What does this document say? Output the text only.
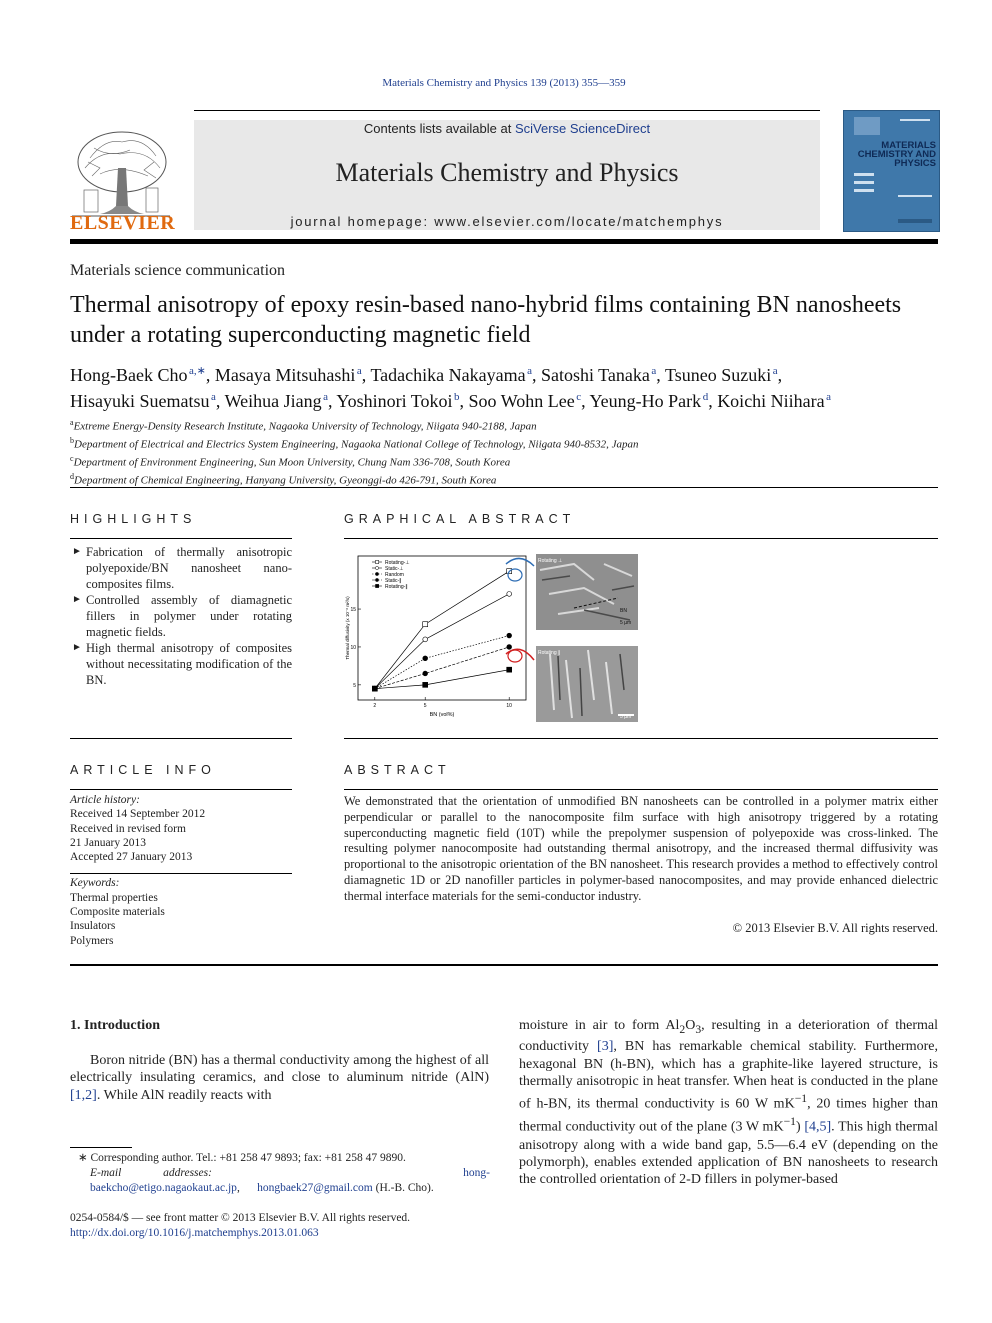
Materials Chemistry and Physics 139 (2013) 355—359
ELSEVIER
Contents lists available at SciVerse ScienceDirect
Materials Chemistry and Physics
journal homepage: www.elsevier.com/locate/matchemphys
MATERIALS CHEMISTRY AND PHYSICS
Materials science communication
Thermal anisotropy of epoxy resin-based nano-hybrid films containing BN nanosheets under a rotating superconducting magnetic field
Hong-Baek Cho  $^{a,∗}$, Masaya Mitsuhashi  $^a$, Tadachika Nakayama  $^a$, Satoshi Tanaka  $^a$, Tsuneo Suzuki  $^a$,
Hisayuki Suematsu  $^a$, Weihua Jiang  $^a$, Yoshinori Tokoi  $^b$, Soo Wohn Lee  $^c$, Yeung-Ho Park  $^d$, Koichi Niihara  $^a$
$^a$Extreme Energy-Density Research Institute, Nagaoka University of Technology, Niigata 940-2188, Japan
$^b$Department of Electrical and Electrics System Engineering, Nagaoka National College of Technology, Niigata 940-8532, Japan
$^c$Department of Environment Engineering, Sun Moon University, Chung Nam 336-708, South Korea
$^d$Department of Chemical Engineering, Hanyang University, Gyeonggi-do 426-791, South Korea
HIGHLIGHTS
► Fabrication of thermally anisotropic polyepoxide/BN nanosheet nano-composites films.
► Controlled assembly of diamagnetic fillers in polymer under rotating magnetic fields.
► High thermal anisotropy of composites without necessitating modification of the BN.
GRAPHICAL ABSTRACT
2	5	10
5
10
15
BN (vol%)
Thermal diffusivity (x 10⁻⁸ m²/s)
Rotating-⊥
Static-⊥
Random
Static-∥
Rotating-∥
Rotating ⊥
Rotating ∥
BN
5 µm
5 µm
ARTICLE INFO
Article history:
Received 14 September 2012
Received in revised form
21 January 2013
Accepted 27 January 2013
Keywords:
Thermal properties
Composite materials
Insulators
Polymers
ABSTRACT
We demonstrated that the orientation of unmodified BN nanosheets can be controlled in a polymer matrix either perpendicular or parallel to the nanocomposite film surface with high anisotropy triggered by a rotating superconducting magnetic field (10T) while the prepolymer suspension of polyepoxide was cross-linked. The resulting polymer nanocomposite had outstanding thermal anisotropy, and the increased thermal diffusivity was proportional to the anisotropic orientation of the BN nanosheet. This research provides a method to effectively control diamagnetic 1D or 2D nanofiller particles in polymer-based nanocomposites, and may provide enhanced dielectric thermal interface materials for the semi-conductor industry.
© 2013 Elsevier B.V. All rights reserved.
1. Introduction
Boron nitride (BN) has a thermal conductivity among the highest of all electrically insulating ceramics, and close to aluminum nitride (AlN) [1,2]. While AlN readily reacts with
moisture in air to form $Al_2O_3$, resulting in a deterioration of thermal conductivity [3], BN has remarkable chemical stability. Furthermore, hexagonal BN (h-BN), which has a graphite-like layered structure, is thermally anisotropic in heat transfer. When heat is conducted in the plane of h-BN, its thermal conductivity is 60 W $mK^{-1}$, 20 times higher than thermal conductivity out of the plane (3 W $mK^{-1}$) [4,5]. This high thermal anisotropy along with a wide band gap, 5.5—6.4 eV (depending on the polymorph), enables extended application of BN nanosheets to research the controlled orientation of 2-D fillers in polymer-based
∗ Corresponding author. Tel.: +81 258 47 9893; fax: +81 258 47 9890.
E-mail addresses:	hong-baekcho@etigo.nagaokaut.ac.jp,      hongbaek27@gmail.com (H.-B. Cho).
0254-0584/$ — see front matter © 2013 Elsevier B.V. All rights reserved.
http://dx.doi.org/10.1016/j.matchemphys.2013.01.063
